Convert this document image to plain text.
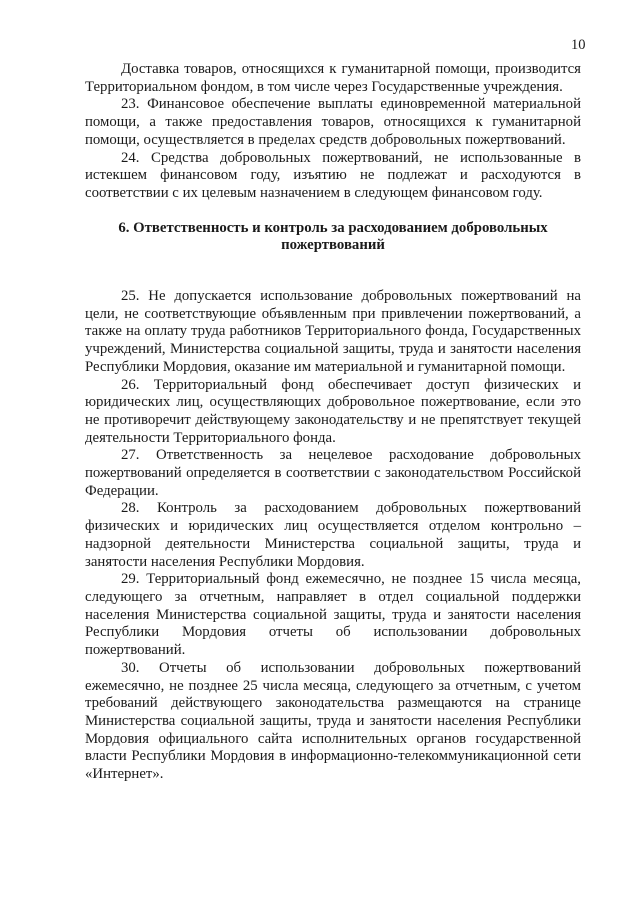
10

Доставка товаров, относящихся к гуманитарной помощи, производится Территориальном фондом, в том числе через Государственные учреждения.

23. Финансовое обеспечение выплаты единовременной материальной помощи, а также предоставления товаров, относящихся к гуманитарной помощи, осуществляется в пределах средств добровольных пожертвований.

24. Средства добровольных пожертвований, не использованные в истекшем финансовом году, изъятию не подлежат и расходуются в соответствии с их целевым назначением в следующем финансовом году.

6. Ответственность и контроль за расходованием добровольных пожертвований

25. Не допускается использование добровольных пожертвований на цели, не соответствующие объявленным при привлечении пожертвований, а также на оплату труда работников Территориального фонда, Государственных учреждений, Министерства социальной защиты, труда и занятости населения Республики Мордовия, оказание им материальной и гуманитарной помощи.

26. Территориальный фонд обеспечивает доступ физических и юридических лиц, осуществляющих добровольное пожертвование, если это не противоречит действующему законодательству и не препятствует текущей деятельности Территориального фонда.

27. Ответственность за нецелевое расходование добровольных пожертвований определяется в соответствии с законодательством Российской Федерации.

28. Контроль за расходованием добровольных пожертвований физических и юридических лиц осуществляется отделом контрольно – надзорной деятельности Министерства социальной защиты, труда и занятости населения Республики Мордовия.

29. Территориальный фонд ежемесячно, не позднее 15 числа месяца, следующего за отчетным, направляет в отдел социальной поддержки населения Министерства социальной защиты, труда и занятости населения Республики Мордовия отчеты об использовании добровольных пожертвований.

30. Отчеты об использовании добровольных пожертвований ежемесячно, не позднее 25 числа месяца, следующего за отчетным, с учетом требований действующего законодательства размещаются на странице Министерства социальной защиты, труда и занятости населения Республики Мордовия официального сайта исполнительных органов государственной власти Республики Мордовия в информационно-телекоммуникационной сети «Интернет».
